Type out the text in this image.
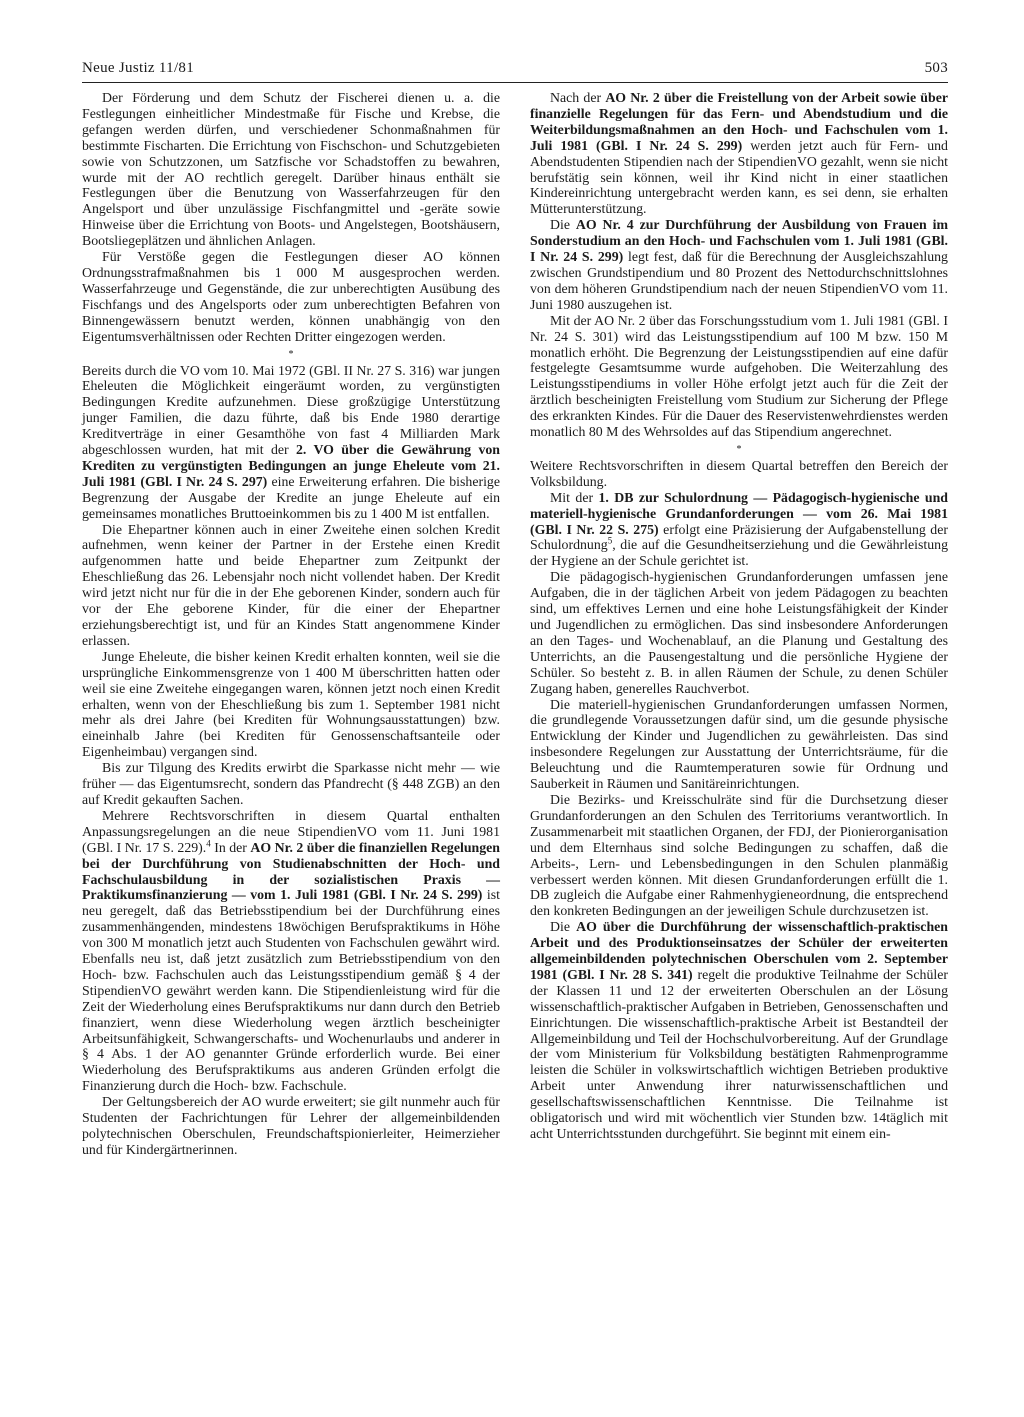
Neue Justiz 11/81	503

Der Förderung und dem Schutz der Fischerei dienen u. a. die Festlegungen einheitlicher Mindestmaße für Fische und Krebse, die gefangen werden dürfen, und verschiedener Schonmaßnahmen für bestimmte Fischarten. Die Errichtung von Fischschon- und Schutzgebieten sowie von Schutzzonen, um Satzfische vor Schadstoffen zu bewahren, wurde mit der AO rechtlich geregelt. Darüber hinaus enthält sie Festlegungen über die Benutzung von Wasserfahrzeugen für den Angelsport und über unzulässige Fischfangmittel und -geräte sowie Hinweise über die Errichtung von Boots- und Angelstegen, Bootshäusern, Bootsliegeplätzen und ähnlichen Anlagen.

Für Verstöße gegen die Festlegungen dieser AO können Ordnungsstrafmaßnahmen bis 1 000 M ausgesprochen werden. Wasserfahrzeuge und Gegenstände, die zur unberechtigten Ausübung des Fischfangs und des Angelsports oder zum unberechtigten Befahren von Binnengewässern benutzt werden, können unabhängig von den Eigentumsverhältnissen oder Rechten Dritter eingezogen werden.

*

Bereits durch die VO vom 10. Mai 1972 (GBl. II Nr. 27 S. 316) war jungen Eheleuten die Möglichkeit eingeräumt worden, zu vergünstigten Bedingungen Kredite aufzunehmen. Diese großzügige Unterstützung junger Familien, die dazu führte, daß bis Ende 1980 derartige Kreditverträge in einer Gesamthöhe von fast 4 Milliarden Mark abgeschlossen wurden, hat mit der 2. VO über die Gewährung von Krediten zu vergünstigten Bedingungen an junge Eheleute vom 21. Juli 1981 (GBl. I Nr. 24 S. 297) eine Erweiterung erfahren. Die bisherige Begrenzung der Ausgabe der Kredite an junge Eheleute auf ein gemeinsames monatliches Bruttoeinkommen bis zu 1 400 M ist entfallen.

Die Ehepartner können auch in einer Zweitehe einen solchen Kredit aufnehmen, wenn keiner der Partner in der Erstehe einen Kredit aufgenommen hatte und beide Ehepartner zum Zeitpunkt der Eheschließung das 26. Lebensjahr noch nicht vollendet haben. Der Kredit wird jetzt nicht nur für die in der Ehe geborenen Kinder, sondern auch für vor der Ehe geborene Kinder, für die einer der Ehepartner erziehungsberechtigt ist, und für an Kindes Statt angenommene Kinder erlassen.

Junge Eheleute, die bisher keinen Kredit erhalten konnten, weil sie die ursprüngliche Einkommensgrenze von 1 400 M überschritten hatten oder weil sie eine Zweitehe eingegangen waren, können jetzt noch einen Kredit erhalten, wenn von der Eheschließung bis zum 1. September 1981 nicht mehr als drei Jahre (bei Krediten für Wohnungsausstattungen) bzw. eineinhalb Jahre (bei Krediten für Genossenschaftsanteile oder Eigenheimbau) vergangen sind.

Bis zur Tilgung des Kredits erwirbt die Sparkasse nicht mehr — wie früher — das Eigentumsrecht, sondern das Pfandrecht (§ 448 ZGB) an den auf Kredit gekauften Sachen.

Mehrere Rechtsvorschriften in diesem Quartal enthalten Anpassungsregelungen an die neue StipendienVO vom 11. Juni 1981 (GBl. I Nr. 17 S. 229).$^4$ In der AO Nr. 2 über die finanziellen Regelungen bei der Durchführung von Studienabschnitten der Hoch- und Fachschulausbildung in der sozialistischen Praxis — Praktikumsfinanzierung — vom 1. Juli 1981 (GBl. I Nr. 24 S. 299) ist neu geregelt, daß das Betriebsstipendium bei der Durchführung eines zusammenhängenden, mindestens 18wöchigen Berufspraktikums in Höhe von 300 M monatlich jetzt auch Studenten von Fachschulen gewährt wird. Ebenfalls neu ist, daß jetzt zusätzlich zum Betriebsstipendium von den Hoch- bzw. Fachschulen auch das Leistungsstipendium gemäß § 4 der StipendienVO gewährt werden kann. Die Stipendienleistung wird für die Zeit der Wiederholung eines Berufspraktikums nur dann durch den Betrieb finanziert, wenn diese Wiederholung wegen ärztlich bescheinigter Arbeitsunfähigkeit, Schwangerschafts- und Wochenurlaubs und anderer in § 4 Abs. 1 der AO genannter Gründe erforderlich wurde. Bei einer Wiederholung des Berufspraktikums aus anderen Gründen erfolgt die Finanzierung durch die Hoch- bzw. Fachschule.

Der Geltungsbereich der AO wurde erweitert; sie gilt nunmehr auch für Studenten der Fachrichtungen für Lehrer der allgemeinbildenden polytechnischen Oberschulen, Freundschaftspionierleiter, Heimerzieher und für Kindergärtnerinnen.

Nach der AO Nr. 2 über die Freistellung von der Arbeit sowie über finanzielle Regelungen für das Fern- und Abendstudium und die Weiterbildungsmaßnahmen an den Hoch- und Fachschulen vom 1. Juli 1981 (GBl. I Nr. 24 S. 299) werden jetzt auch für Fern- und Abendstudenten Stipendien nach der StipendienVO gezahlt, wenn sie nicht berufstätig sein können, weil ihr Kind nicht in einer staatlichen Kindereinrichtung untergebracht werden kann, es sei denn, sie erhalten Mütterunterstützung.

Die AO Nr. 4 zur Durchführung der Ausbildung von Frauen im Sonderstudium an den Hoch- und Fachschulen vom 1. Juli 1981 (GBl. I Nr. 24 S. 299) legt fest, daß für die Berechnung der Ausgleichszahlung zwischen Grundstipendium und 80 Prozent des Nettodurchschnittslohnes von dem höheren Grundstipendium nach der neuen StipendienVO vom 11. Juni 1980 auszugehen ist.

Mit der AO Nr. 2 über das Forschungsstudium vom 1. Juli 1981 (GBl. I Nr. 24 S. 301) wird das Leistungsstipendium auf 100 M bzw. 150 M monatlich erhöht. Die Begrenzung der Leistungsstipendien auf eine dafür festgelegte Gesamtsumme wurde aufgehoben. Die Weiterzahlung des Leistungsstipendiums in voller Höhe erfolgt jetzt auch für die Zeit der ärztlich bescheinigten Freistellung vom Studium zur Sicherung der Pflege des erkrankten Kindes. Für die Dauer des Reservistenwehrdienstes werden monatlich 80 M des Wehrsoldes auf das Stipendium angerechnet.

*

Weitere Rechtsvorschriften in diesem Quartal betreffen den Bereich der Volksbildung.

Mit der 1. DB zur Schulordnung — Pädagogisch-hygienische und materiell-hygienische Grundanforderungen — vom 26. Mai 1981 (GBl. I Nr. 22 S. 275) erfolgt eine Präzisierung der Aufgabenstellung der Schulordnung$^5$, die auf die Gesundheitserziehung und die Gewährleistung der Hygiene an der Schule gerichtet ist.

Die pädagogisch-hygienischen Grundanforderungen umfassen jene Aufgaben, die in der täglichen Arbeit von jedem Pädagogen zu beachten sind, um effektives Lernen und eine hohe Leistungsfähigkeit der Kinder und Jugendlichen zu ermöglichen. Das sind insbesondere Anforderungen an den Tages- und Wochenablauf, an die Planung und Gestaltung des Unterrichts, an die Pausengestaltung und die persönliche Hygiene der Schüler. So besteht z. B. in allen Räumen der Schule, zu denen Schüler Zugang haben, generelles Rauchverbot.

Die materiell-hygienischen Grundanforderungen umfassen Normen, die grundlegende Voraussetzungen dafür sind, um die gesunde physische Entwicklung der Kinder und Jugendlichen zu gewährleisten. Das sind insbesondere Regelungen zur Ausstattung der Unterrichtsräume, für die Beleuchtung und die Raumtemperaturen sowie für Ordnung und Sauberkeit in Räumen und Sanitäreinrichtungen.

Die Bezirks- und Kreisschulräte sind für die Durchsetzung dieser Grundanforderungen an den Schulen des Territoriums verantwortlich. In Zusammenarbeit mit staatlichen Organen, der FDJ, der Pionierorganisation und dem Elternhaus sind solche Bedingungen zu schaffen, daß die Arbeits-, Lern- und Lebensbedingungen in den Schulen planmäßig verbessert werden können. Mit diesen Grundanforderungen erfüllt die 1. DB zugleich die Aufgabe einer Rahmenhygieneordnung, die entsprechend den konkreten Bedingungen an der jeweiligen Schule durchzusetzen ist.

Die AO über die Durchführung der wissenschaftlich-praktischen Arbeit und des Produktionseinsatzes der Schüler der erweiterten allgemeinbildenden polytechnischen Oberschulen vom 2. September 1981 (GBl. I Nr. 28 S. 341) regelt die produktive Teilnahme der Schüler der Klassen 11 und 12 der erweiterten Oberschulen an der Lösung wissenschaftlich-praktischer Aufgaben in Betrieben, Genossenschaften und Einrichtungen. Die wissenschaftlich-praktische Arbeit ist Bestandteil der Allgemeinbildung und Teil der Hochschulvorbereitung. Auf der Grundlage der vom Ministerium für Volksbildung bestätigten Rahmenprogramme leisten die Schüler in volkswirtschaftlich wichtigen Betrieben produktive Arbeit unter Anwendung ihrer naturwissenschaftlichen und gesellschaftswissenschaftlichen Kenntnisse. Die Teilnahme ist obligatorisch und wird mit wöchentlich vier Stunden bzw. 14täglich mit acht Unterrichtsstunden durchgeführt. Sie beginnt mit einem ein-
